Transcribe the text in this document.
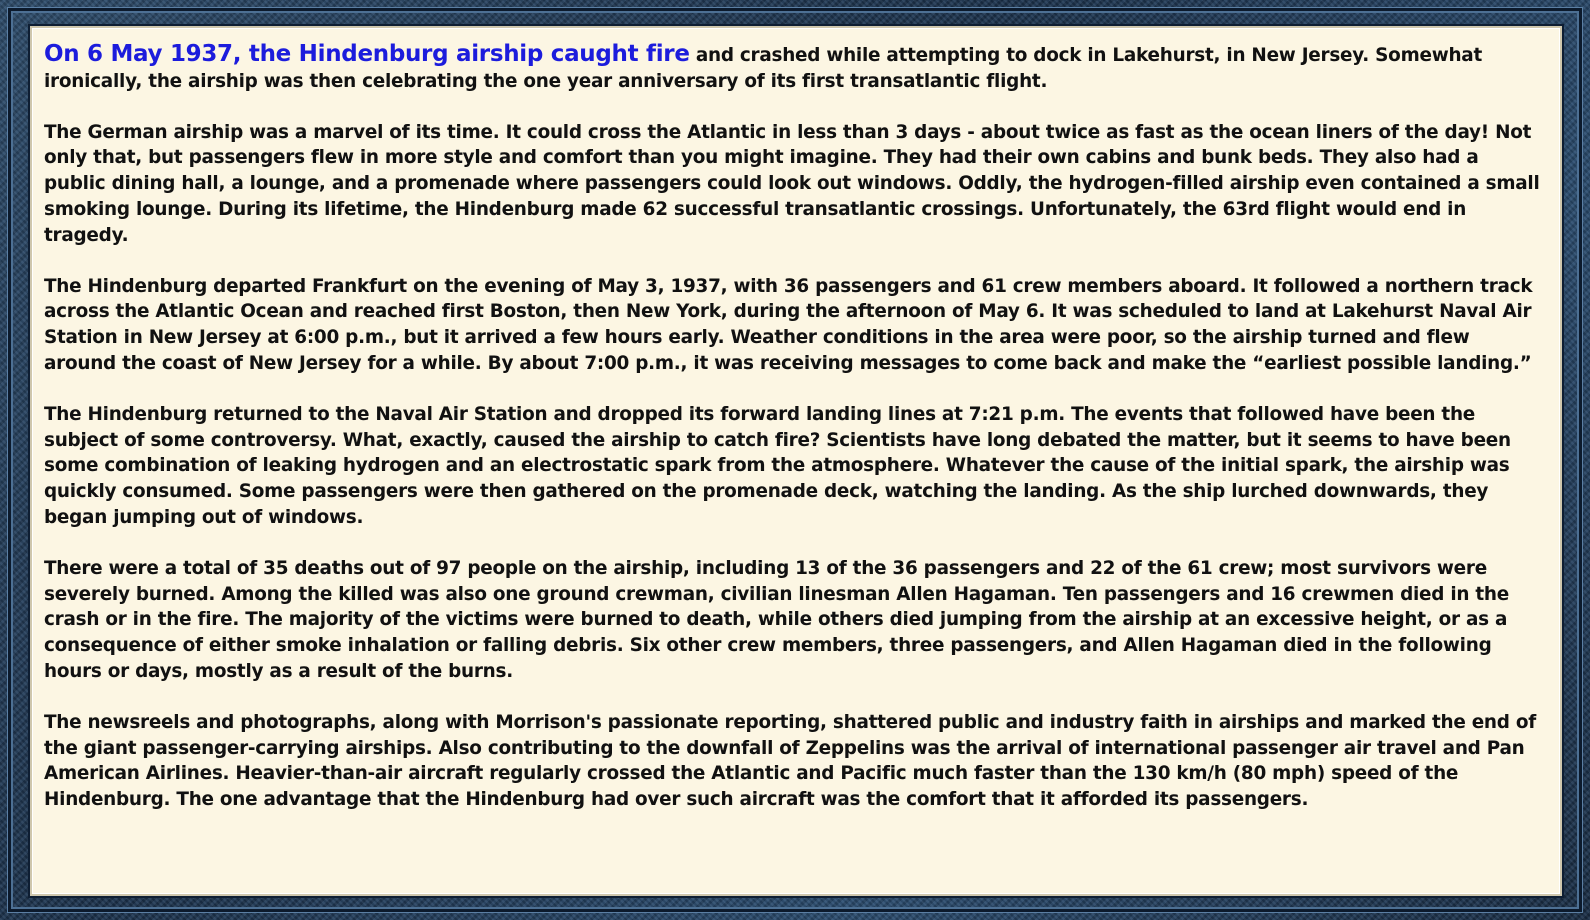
On 6 May 1937, the Hindenburg airship caught fire and crashed while attempting to dock in Lakehurst, in New Jersey. Somewhat ironically, the airship was then celebrating the one year anniversary of its first transatlantic flight.

The German airship was a marvel of its time. It could cross the Atlantic in less than 3 days - about twice as fast as the ocean liners of the day! Not only that, but passengers flew in more style and comfort than you might imagine. They had their own cabins and bunk beds. They also had a public dining hall, a lounge, and a promenade where passengers could look out windows. Oddly, the hydrogen-filled airship even contained a small smoking lounge. During its lifetime, the Hindenburg made 62 successful transatlantic crossings. Unfortunately, the 63rd flight would end in tragedy.

The Hindenburg departed Frankfurt on the evening of May 3, 1937, with 36 passengers and 61 crew members aboard. It followed a northern track across the Atlantic Ocean and reached first Boston, then New York, during the afternoon of May 6. It was scheduled to land at Lakehurst Naval Air Station in New Jersey at 6:00 p.m., but it arrived a few hours early. Weather conditions in the area were poor, so the airship turned and flew around the coast of New Jersey for a while. By about 7:00 p.m., it was receiving messages to come back and make the “earliest possible landing.”

The Hindenburg returned to the Naval Air Station and dropped its forward landing lines at 7:21 p.m. The events that followed have been the subject of some controversy. What, exactly, caused the airship to catch fire? Scientists have long debated the matter, but it seems to have been some combination of leaking hydrogen and an electrostatic spark from the atmosphere. Whatever the cause of the initial spark, the airship was quickly consumed. Some passengers were then gathered on the promenade deck, watching the landing. As the ship lurched downwards, they began jumping out of windows.

There were a total of 35 deaths out of 97 people on the airship, including 13 of the 36 passengers and 22 of the 61 crew; most survivors were severely burned. Among the killed was also one ground crewman, civilian linesman Allen Hagaman. Ten passengers and 16 crewmen died in the crash or in the fire. The majority of the victims were burned to death, while others died jumping from the airship at an excessive height, or as a consequence of either smoke inhalation or falling debris. Six other crew members, three passengers, and Allen Hagaman died in the following hours or days, mostly as a result of the burns.

The newsreels and photographs, along with Morrison's passionate reporting, shattered public and industry faith in airships and marked the end of the giant passenger-carrying airships. Also contributing to the downfall of Zeppelins was the arrival of international passenger air travel and Pan American Airlines. Heavier-than-air aircraft regularly crossed the Atlantic and Pacific much faster than the 130 km/h (80 mph) speed of the Hindenburg. The one advantage that the Hindenburg had over such aircraft was the comfort that it afforded its passengers.
